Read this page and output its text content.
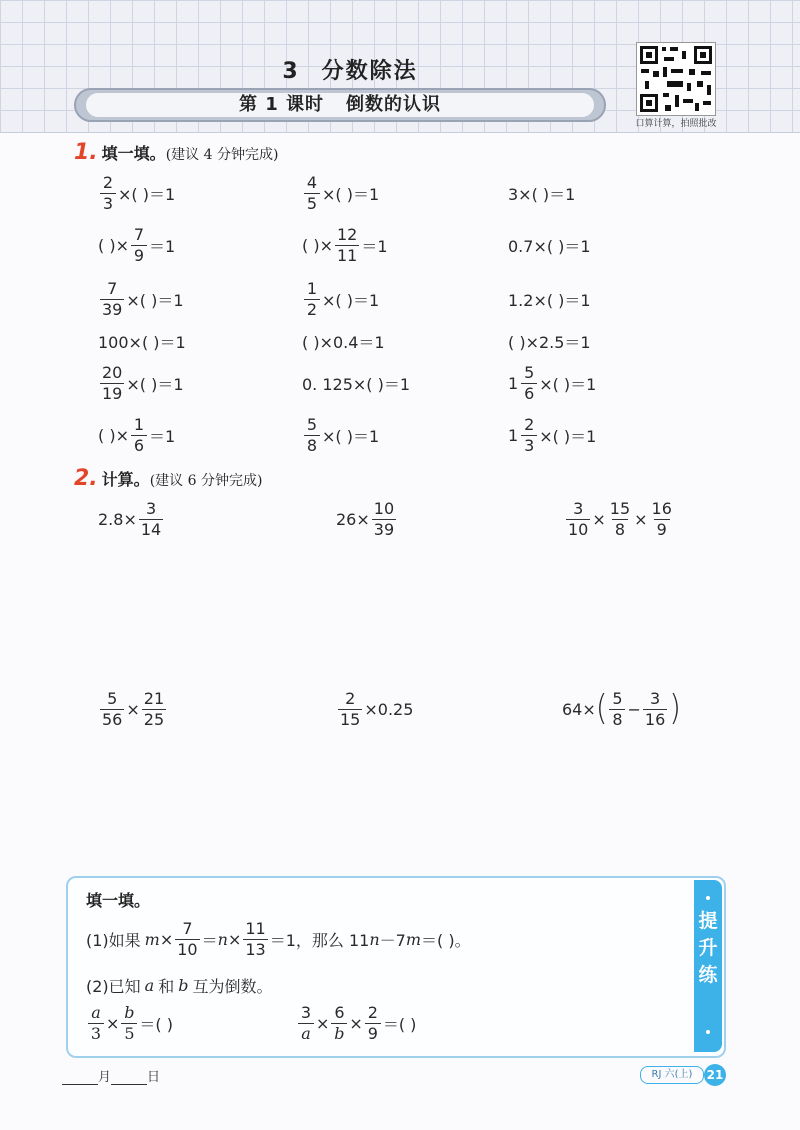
3 分数除法
第 1 课时 倒数的认识
口算计算，拍照批改
1. 填一填。(建议 4 分钟完成)
$\frac{2}{3}$ ×( )＝1	$\frac{4}{5}$ ×( )＝1	3×( )＝1
( )× $\frac{7}{9} =1$	( )× $\frac{12}{11} =1$	0.7×( )＝1
$\frac{7}{39}$ ×( )＝1	$\frac{1}{2}$ ×( )＝1	1.2×( )＝1
100×( )＝1	( )×0.4＝1	( )×2.5＝1
$\frac{20}{19}$ ×( )＝1	0. 125×( )＝1	$1 \frac{5}{6}$ ×( )＝1
( )× $\frac{1}{6} =1$	$\frac{5}{8}$ ×( )＝1	$1 \frac{2}{3}$ ×( )＝1
2. 计算。(建议 6 分钟完成)
$2.8\times \frac{3}{14}$	$26\times \frac{10}{39}$	$\frac{3}{10} \times \frac{15}{8} \times \frac{16}{9}$
$\frac{5}{56} \times \frac{21}{25}$	$\frac{2}{15} \times 0.25$	64× ( $\frac{5}{8} - \frac{3}{16}$ )
提
升
练
填一填。
(1)如果 $m \times \frac{7}{10} = n \times \frac{11}{13} =1$，那么 11 n －7 m ＝( )。
(2)已知 a 和 b 互为倒数。
$\frac{a}{3} \times \frac{b}{5}$ ＝( )	$\frac{3}{a} \times \frac{6}{b} \times \frac{2}{9}$ ＝( )
月	日	RJ 六(上)	21
